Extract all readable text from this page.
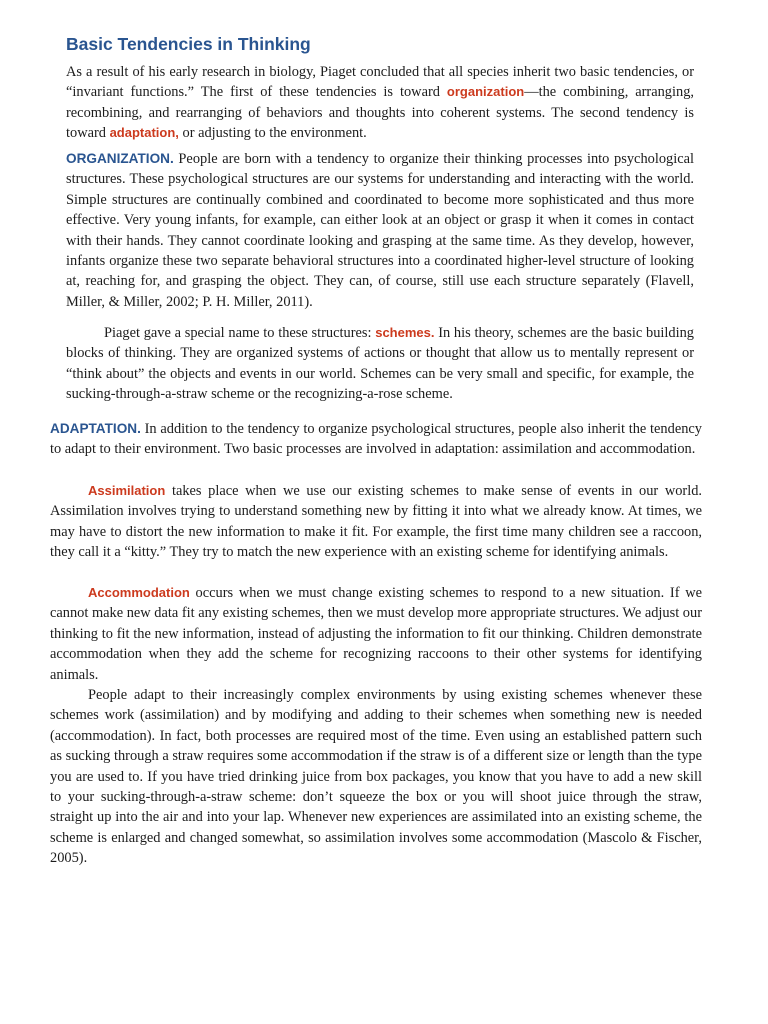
Basic Tendencies in Thinking

As a result of his early research in biology, Piaget concluded that all species inherit two basic tendencies, or “invariant functions.” The first of these tendencies is toward organization—the combining, arranging, recombining, and rearranging of behaviors and thoughts into coherent systems. The second tendency is toward adaptation, or adjusting to the environment.

ORGANIZATION. People are born with a tendency to organize their thinking processes into psychological structures. These psychological structures are our systems for understanding and interacting with the world. Simple structures are continually combined and coordinated to become more sophisticated and thus more effective. Very young infants, for example, can either look at an object or grasp it when it comes in contact with their hands. They cannot coordinate looking and grasping at the same time. As they develop, however, infants organize these two separate behavioral structures into a coordinated higher-level structure of looking at, reaching for, and grasping the object. They can, of course, still use each structure separately (Flavell, Miller, & Miller, 2002; P. H. Miller, 2011).

Piaget gave a special name to these structures: schemes. In his theory, schemes are the basic building blocks of thinking. They are organized systems of actions or thought that allow us to mentally represent or “think about” the objects and events in our world. Schemes can be very small and specific, for example, the sucking-through-a-straw scheme or the recognizing-a-rose scheme.

ADAPTATION. In addition to the tendency to organize psychological structures, people also inherit the tendency to adapt to their environment. Two basic processes are involved in adaptation: assimilation and accommodation.

Assimilation takes place when we use our existing schemes to make sense of events in our world. Assimilation involves trying to understand something new by fitting it into what we already know. At times, we may have to distort the new information to make it fit. For example, the first time many children see a raccoon, they call it a “kitty.” They try to match the new experience with an existing scheme for identifying animals.

Accommodation occurs when we must change existing schemes to respond to a new situation. If we cannot make new data fit any existing schemes, then we must develop more appropriate structures. We adjust our thinking to fit the new information, instead of adjusting the information to fit our thinking. Children demonstrate accommodation when they add the scheme for recognizing raccoons to their other systems for identifying animals.

People adapt to their increasingly complex environments by using existing schemes whenever these schemes work (assimilation) and by modifying and adding to their schemes when something new is needed (accommodation). In fact, both processes are required most of the time. Even using an established pattern such as sucking through a straw requires some accommodation if the straw is of a different size or length than the type you are used to. If you have tried drinking juice from box packages, you know that you have to add a new skill to your sucking-through-a-straw scheme: don’t squeeze the box or you will shoot juice through the straw, straight up into the air and into your lap. Whenever new experiences are assimilated into an existing scheme, the scheme is enlarged and changed somewhat, so assimilation involves some accommodation (Mascolo & Fischer, 2005).
